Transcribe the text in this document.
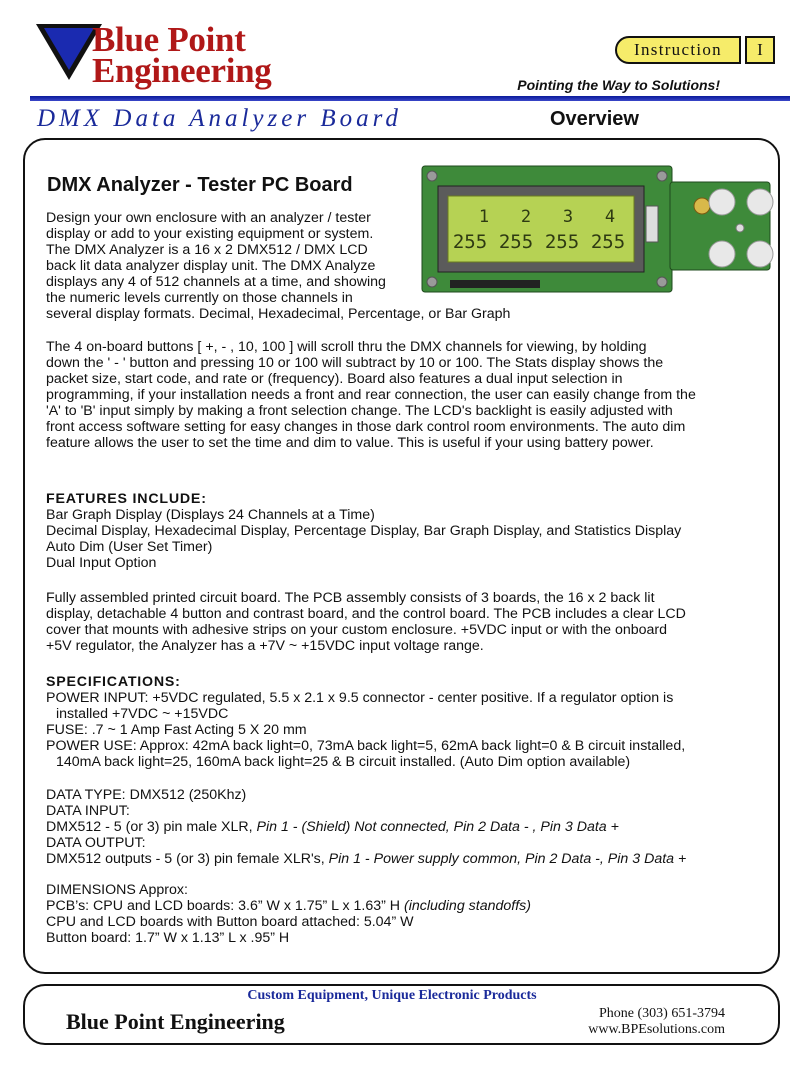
Blue Point
Engineering
Instruction	I
Pointing the Way to Solutions!
DMX Data Analyzer Board	Overview
DMX Analyzer - Tester PC Board
1 2 3 4
255 255 255 255
Design your own enclosure with an analyzer / tester
display or add to your existing equipment or system.
The DMX Analyzer is a 16 x 2 DMX512 / DMX LCD
back lit data analyzer display unit. The DMX Analyze
displays any 4 of 512 channels at a time, and showing
the numeric levels currently on those channels in
several display formats. Decimal, Hexadecimal, Percentage, or Bar Graph
The 4 on-board buttons [ +, - , 10, 100 ] will scroll thru the DMX channels for viewing, by holding
down the ' - ' button and pressing 10 or 100 will subtract by 10 or 100. The Stats display shows the
packet size, start code, and rate or (frequency). Board also features a dual input selection in
programming, if your installation needs a front and rear connection, the user can easily change from the
'A' to 'B' input simply by making a front selection change. The LCD's backlight is easily adjusted with
front access software setting for easy changes in those dark control room environments. The auto dim
feature allows the user to set the time and dim to value. This is useful if your using battery power.
FEATURES INCLUDE:
Bar Graph Display (Displays 24 Channels at a Time)
Decimal Display, Hexadecimal Display, Percentage Display, Bar Graph Display, and Statistics Display
Auto Dim (User Set Timer)
Dual Input Option
Fully assembled printed circuit board. The PCB assembly consists of 3 boards, the 16 x 2 back lit
display, detachable 4 button and contrast board, and the control board. The PCB includes a clear LCD
cover that mounts with adhesive strips on your custom enclosure. +5VDC input or with the onboard
+5V regulator, the Analyzer has a +7V ~ +15VDC input voltage range.
SPECIFICATIONS:
POWER INPUT: +5VDC regulated, 5.5 x 2.1 x 9.5 connector - center positive. If a regulator option is
installed +7VDC ~ +15VDC
FUSE: .7 ~ 1 Amp Fast Acting 5 X 20 mm
POWER USE: Approx: 42mA back light=0, 73mA back light=5, 62mA back light=0 & B circuit installed,
140mA back light=25, 160mA back light=25 & B circuit installed. (Auto Dim option available)
DATA TYPE: DMX512 (250Khz)
DATA INPUT:
DMX512 - 5 (or 3) pin male XLR, Pin 1 - (Shield) Not connected, Pin 2 Data - , Pin 3 Data +
DATA OUTPUT:
DMX512 outputs - 5 (or 3) pin female XLR's, Pin 1 - Power supply common, Pin 2 Data -, Pin 3 Data +
DIMENSIONS Approx:
PCB’s: CPU and LCD boards: 3.6” W x 1.75” L x 1.63” H (including standoffs)
CPU and LCD boards with Button board attached: 5.04” W
Button board: 1.7” W x 1.13” L x .95” H
Custom Equipment, Unique Electronic Products
Blue Point Engineering	Phone (303) 651-3794
www.BPEsolutions.com
